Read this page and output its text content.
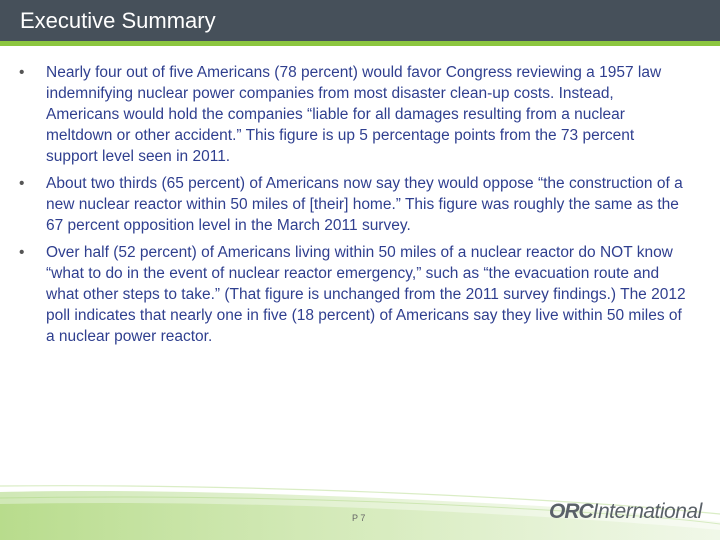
Executive Summary
• Nearly four out of five Americans (78 percent) would favor Congress reviewing a 1957 law indemnifying nuclear power companies from most disaster clean-up costs. Instead, Americans would hold the companies “liable for all damages resulting from a nuclear meltdown or other accident.” This figure is up 5 percentage points from the 73 percent support level seen in 2011.
• About two thirds (65 percent) of Americans now say they would oppose “the construction of a new nuclear reactor within 50 miles of [their] home.” This figure was roughly the same as the 67 percent opposition level in the March 2011 survey.
• Over half (52 percent) of Americans living within 50 miles of a nuclear reactor do NOT know “what to do in the event of nuclear reactor emergency,” such as “the evacuation route and what other steps to take.” (That figure is unchanged from the 2011 survey findings.) The 2012 poll indicates that nearly one in five (18 percent) of Americans say they live within 50 miles of a nuclear power reactor.
P 7	ORCInternational
